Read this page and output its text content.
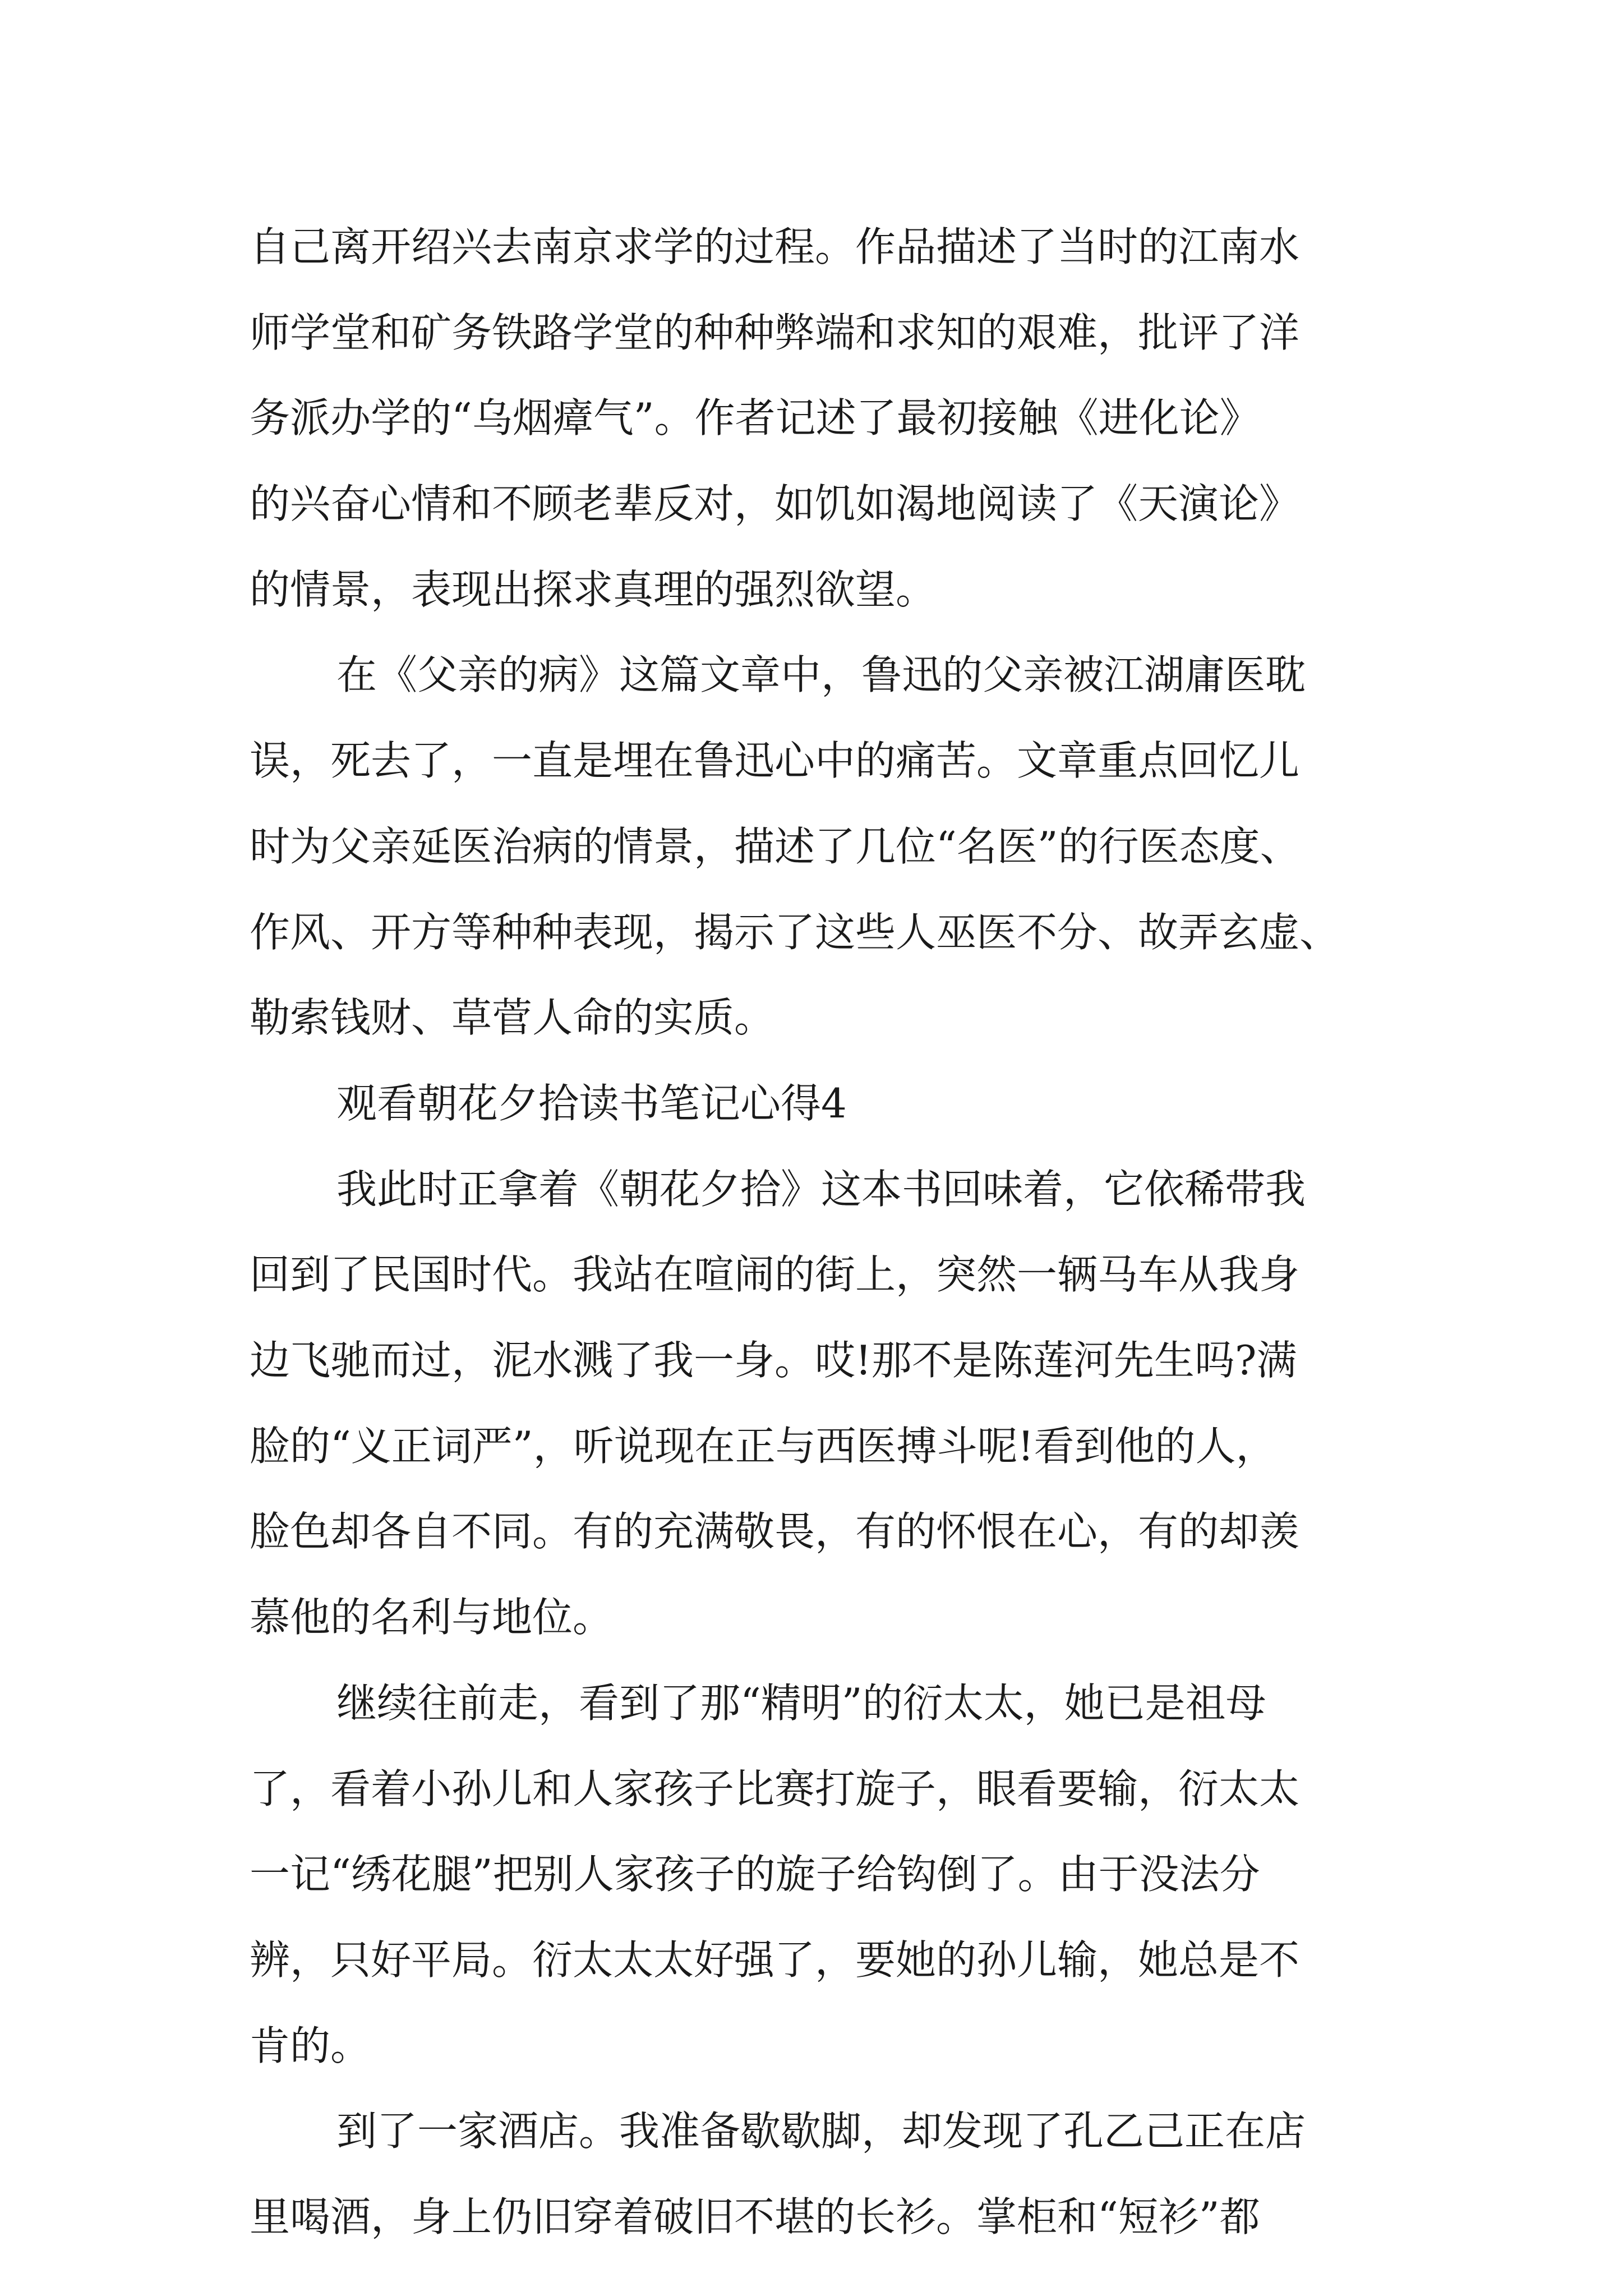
自己离开绍兴去南京求学的过程。作品描述了当时的江南水

师学堂和矿务铁路学堂的种种弊端和求知的艰难，批评了洋

务派办学的“乌烟瘴气”。作者记述了最初接触《进化论》

的兴奋心情和不顾老辈反对，如饥如渴地阅读了《天演论》

的情景，表现出探求真理的强烈欲望。

在《父亲的病》这篇文章中，鲁迅的父亲被江湖庸医耽

误，死去了，一直是埋在鲁迅心中的痛苦。文章重点回忆儿

时为父亲延医治病的情景，描述了几位“名医”的行医态度、

作风、开方等种种表现，揭示了这些人巫医不分、故弄玄虚、

勒索钱财、草菅人命的实质。

观看朝花夕拾读书笔记心得4

我此时正拿着《朝花夕拾》这本书回味着，它依稀带我

回到了民国时代。我站在喧闹的街上，突然一辆马车从我身

边飞驰而过，泥水溅了我一身。哎!那不是陈莲河先生吗?满

脸的“义正词严”，听说现在正与西医搏斗呢!看到他的人，

脸色却各自不同。有的充满敬畏，有的怀恨在心，有的却羡

慕他的名利与地位。

继续往前走，看到了那“精明”的衍太太，她已是祖母

了，看着小孙儿和人家孩子比赛打旋子，眼看要输，衍太太

一记“绣花腿”把别人家孩子的旋子给钩倒了。由于没法分

辨，只好平局。衍太太太好强了，要她的孙儿输，她总是不

肯的。

到了一家酒店。我准备歇歇脚，却发现了孔乙己正在店

里喝酒，身上仍旧穿着破旧不堪的长衫。掌柜和“短衫”都
